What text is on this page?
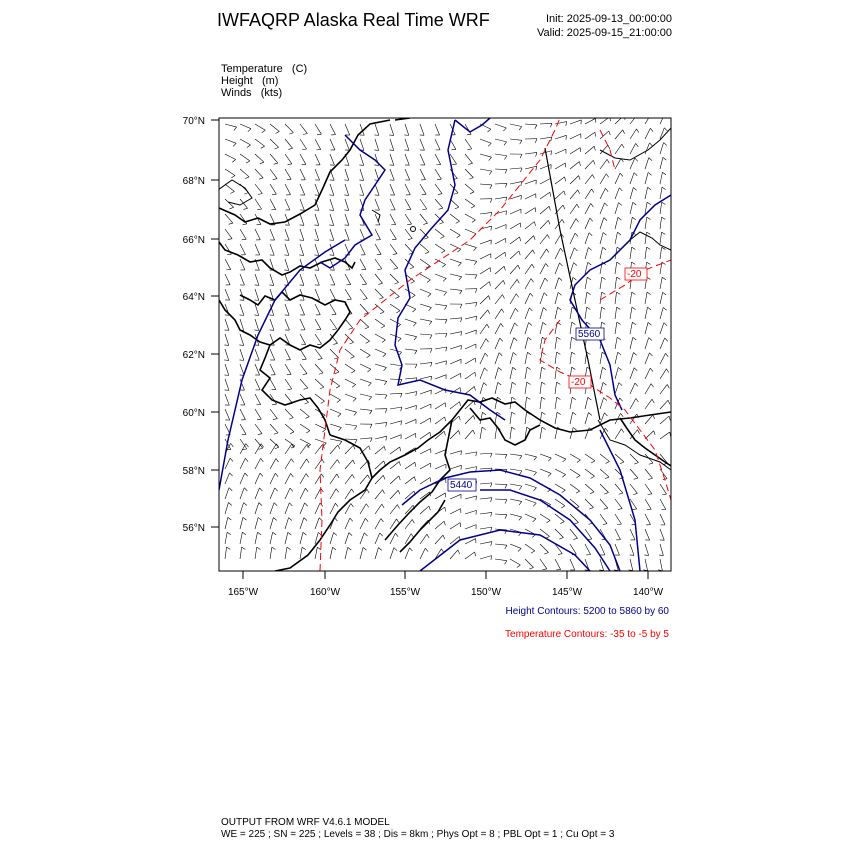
5560
5440
-20
-20
70°N
68°N
66°N
64°N
62°N
60°N
58°N
56°N
165°W	160°W	155°W	150°W	145°W	140°W
IWFAQRP Alaska Real Time WRF	Init: 2025-09-13_00:00:00
Valid: 2025-09-15_21:00:00
Temperature   (C)
Height   (m)
Winds   (kts)
Height Contours: 5200 to 5860 by 60
Temperature Contours: -35 to -5 by 5
OUTPUT FROM WRF V4.6.1 MODEL
WE = 225 ; SN = 225 ; Levels = 38 ; Dis = 8km ; Phys Opt = 8 ; PBL Opt = 1 ; Cu Opt = 3
